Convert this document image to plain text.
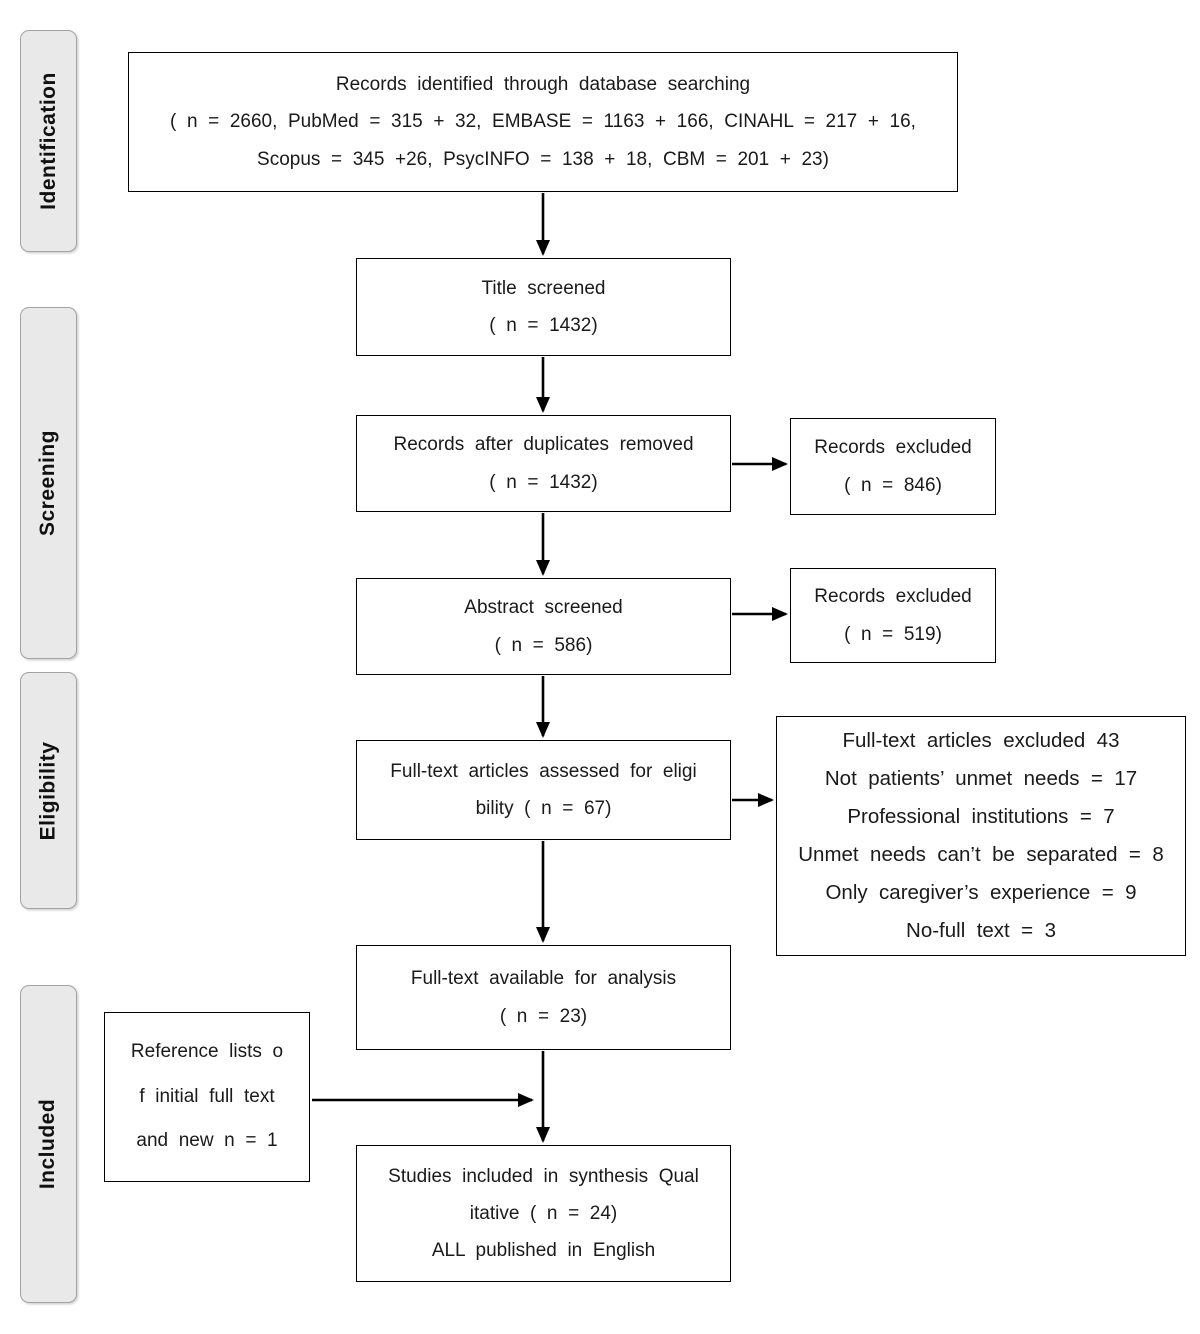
Identification
Screening
Eligibility
Included
Records identified through database searching
( n = 2660, PubMed = 315 + 32, EMBASE = 1163 + 166, CINAHL = 217 + 16,
Scopus = 345 +26, PsycINFO = 138 + 18, CBM = 201 + 23)
Title screened
( n = 1432)
Records after duplicates removed
( n = 1432)
Abstract screened
( n = 586)
Full-text articles assessed for eligi
bility ( n = 67)
Full-text available for analysis
( n = 23)
Studies included in synthesis Qual
itative ( n = 24)
ALL published in English
Records excluded
( n = 846)
Records excluded
( n = 519)
Full-text articles excluded 43
Not patients’ unmet needs = 17
Professional institutions = 7
Unmet needs can’t be separated = 8
Only caregiver’s experience = 9
No-full text = 3
Reference lists o
f initial full text
and new n = 1
